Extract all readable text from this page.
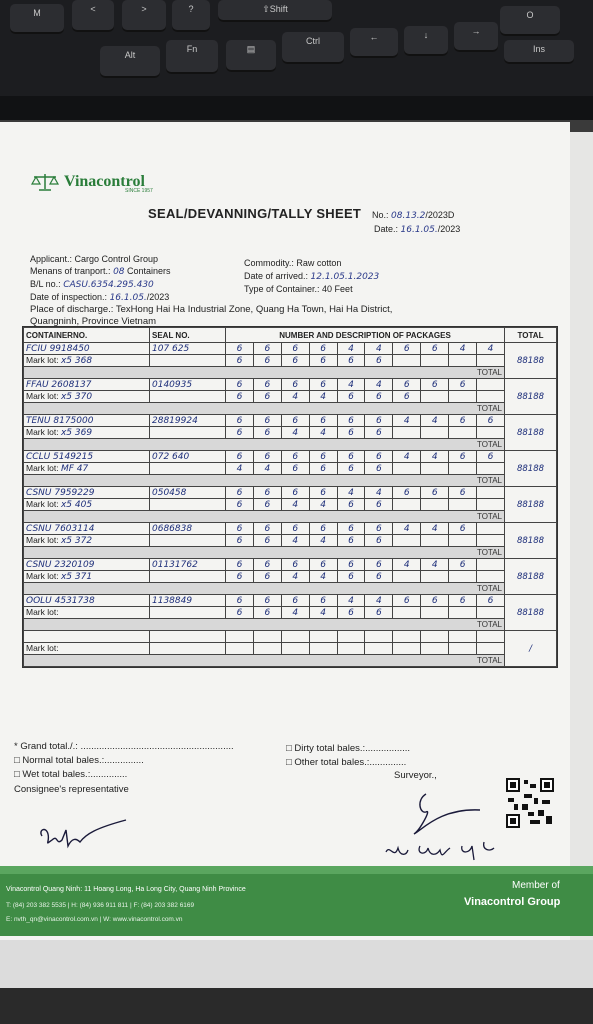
M	<	>	?	⇧Shift
O
Alt
Fn	▤
Ctrl	←	↓	→
Ins
Vinacontrol
SINCE 1957
SEAL/DEVANNING/TALLY SHEET No.: 08.13.2/2023D
Date.: 16.1.05./2023
Applicant.: Cargo Control Group
Menans of tranport.: 08 Containers
B/L no.: CASU.6354.295.430
Date of inspection.: 16.1.05./2023
Commodity.: Raw cotton
Date of arrived.: 12.1.05.1.2023
Type of Container.: 40 Feet
Place of discharge.: TexHong Hai Ha Industrial Zone, Quang Ha Town, Hai Ha District,
Quangninh, Province Vietnam
CONTAINERNO.	SEAL NO.	NUMBER AND DESCRIPTION OF PACKAGES										TOTAL
FCIU 9918450	107 625	6	6	6	6	4	4	6	6	4	4	88188
Mark lot: x5 368		6	6	6	6	6	6					
TOTAL												
FFAU 2608137	0140935	6	6	6	6	4	4	6	6	6		88188
Mark lot: x5 370		6	6	4	4	6	6	6				
TOTAL												
TENU 8175000	28819924	6	6	6	6	6	6	4	4	6	6	88188
Mark lot: x5 369		6	6	4	4	6	6					
TOTAL												
CCLU 5149215	072 640	6	6	6	6	6	6	4	4	6	6	88188
Mark lot: MF 47		4	4	6	6	6	6					
TOTAL												
CSNU 7959229	050458	6	6	6	6	4	4	6	6	6		88188
Mark lot: x5 405		6	6	4	4	6	6					
TOTAL												
CSNU 7603114	0686838	6	6	6	6	6	6	4	4	6		88188
Mark lot: x5 372		6	6	4	4	6	6					
TOTAL												
CSNU 2320109	01131762	6	6	6	6	6	6	4	4	6		88188
Mark lot: x5 371		6	6	4	4	6	6					
TOTAL												
OOLU 4531738	1138849	6	6	6	6	4	4	6	6	6	6	88188
Mark lot:		6	6	4	4	6	6					
TOTAL												
												/
Mark lot:												
TOTAL												
* Grand total./.: ..........................................................
□ Normal total bales.:...............
□ Wet total bales.:..............
□ Dirty total bales.:.................
□ Other total bales.:..............
Surveyor.,
Consignee's representative
Vinacontrol Quang Ninh: 11 Hoang Long, Ha Long City, Quang Ninh Province
T: (84) 203 382 5535 | H: (84) 936 911 811 | F: (84) 203 382 6169
E: nvth_qn@vinacontrol.com.vn | W: www.vinacontrol.com.vn
Member of
Vinacontrol Group
